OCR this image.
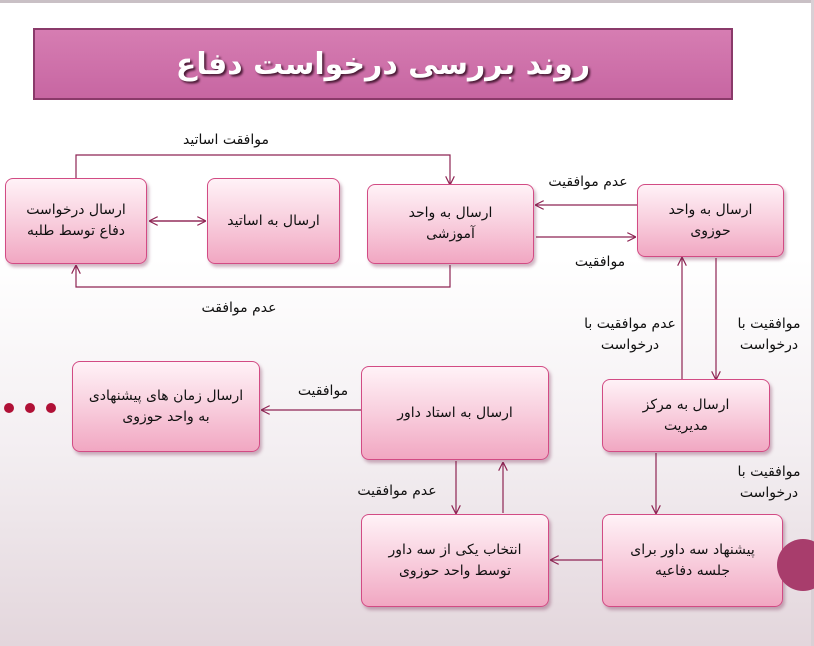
روند بررسی درخواست دفاع
ارسال درخواست دفاع توسط طلبه
ارسال به اساتید	ارسال به واحد آموزشی
ارسال به واحد حوزوی
ارسال به مرکز مدیریت
ارسال به استاد داور
ارسال زمان های پیشنهادی به واحد حوزوی
انتخاب یکی از سه داور توسط واحد حوزوی
پیشنهاد سه داور برای جلسه دفاعیه
موافقت اساتید
عدم موافقت
عدم موافقیت
موافقیت
عدم موافقیت با درخواست
موافقیت با درخواست
موافقیت با درخواست
موافقیت
عدم موافقیت
